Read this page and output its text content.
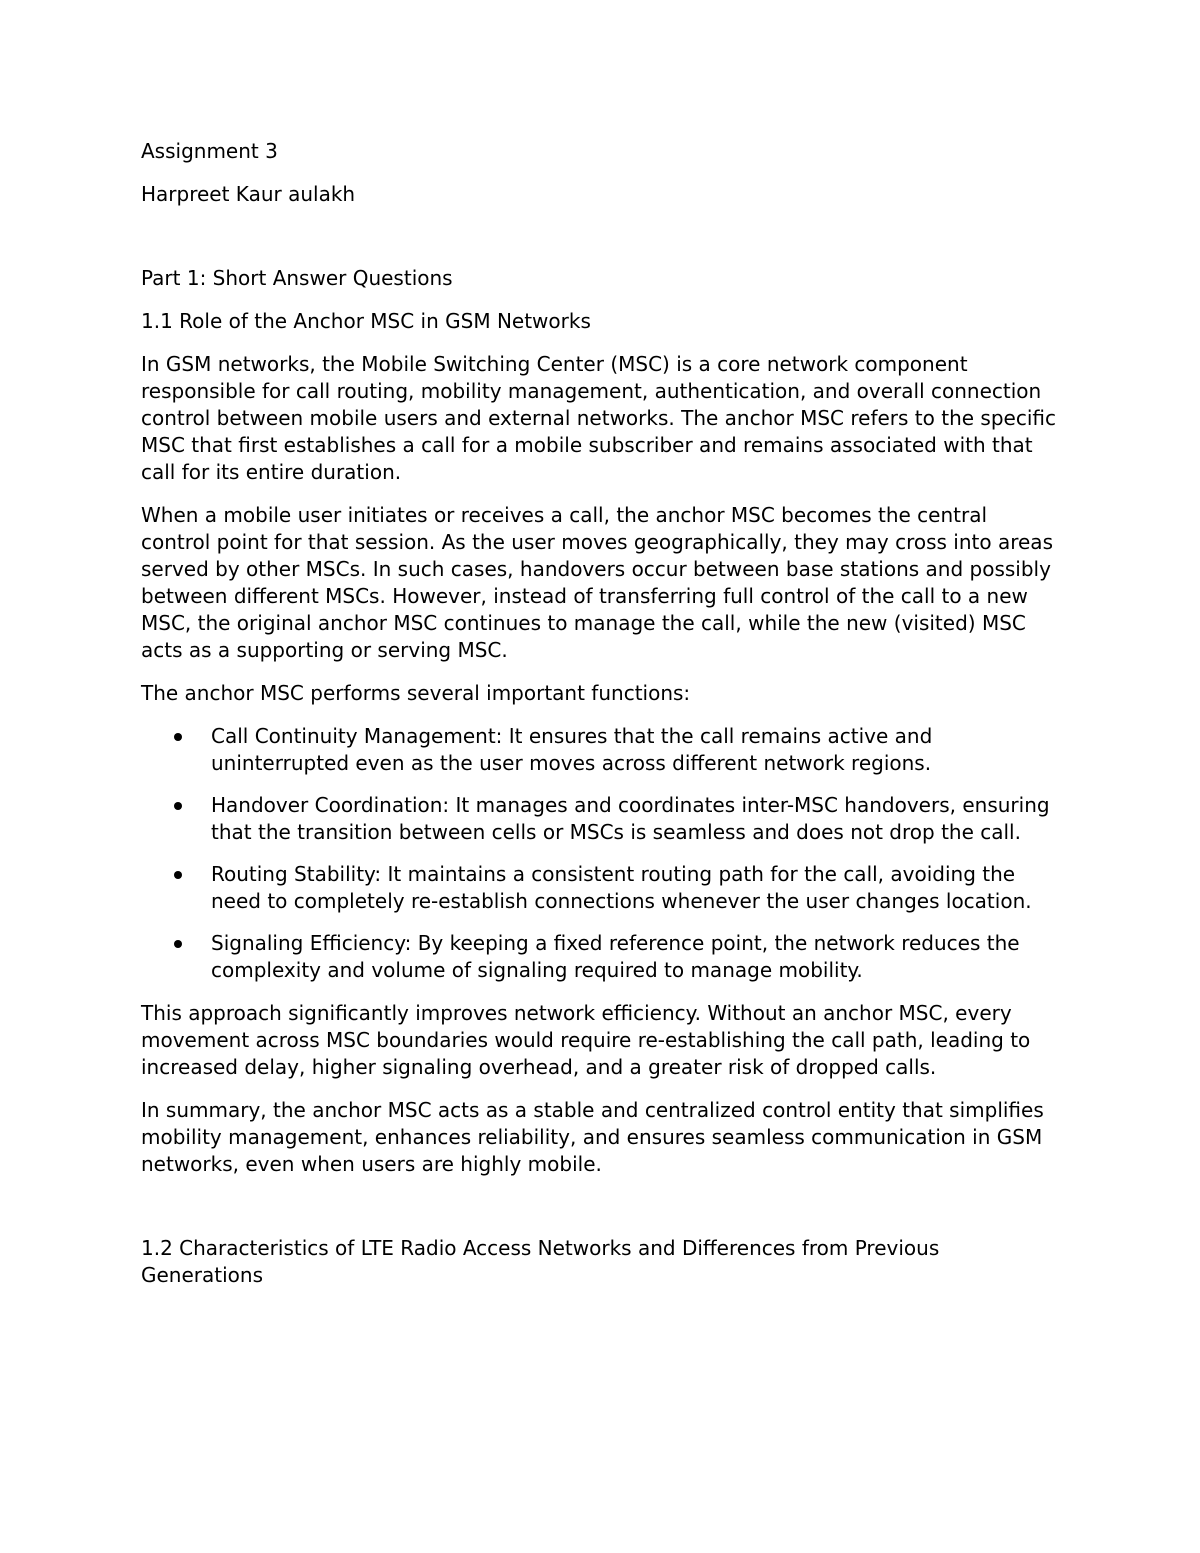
Assignment 3

Harpreet Kaur aulakh

Part 1: Short Answer Questions

1.1 Role of the Anchor MSC in GSM Networks

In GSM networks, the Mobile Switching Center (MSC) is a core network component responsible for call routing, mobility management, authentication, and overall connection control between mobile users and external networks. The anchor MSC refers to the specific MSC that first establishes a call for a mobile subscriber and remains associated with that call for its entire duration.

When a mobile user initiates or receives a call, the anchor MSC becomes the central control point for that session. As the user moves geographically, they may cross into areas served by other MSCs. In such cases, handovers occur between base stations and possibly between different MSCs. However, instead of transferring full control of the call to a new MSC, the original anchor MSC continues to manage the call, while the new (visited) MSC acts as a supporting or serving MSC.

The anchor MSC performs several important functions:

Call Continuity Management: It ensures that the call remains active and uninterrupted even as the user moves across different network regions.
Handover Coordination: It manages and coordinates inter-MSC handovers, ensuring that the transition between cells or MSCs is seamless and does not drop the call.
Routing Stability: It maintains a consistent routing path for the call, avoiding the need to completely re-establish connections whenever the user changes location.
Signaling Efficiency: By keeping a fixed reference point, the network reduces the complexity and volume of signaling required to manage mobility.

This approach significantly improves network efficiency. Without an anchor MSC, every movement across MSC boundaries would require re-establishing the call path, leading to increased delay, higher signaling overhead, and a greater risk of dropped calls.

In summary, the anchor MSC acts as a stable and centralized control entity that simplifies mobility management, enhances reliability, and ensures seamless communication in GSM networks, even when users are highly mobile.

1.2 Characteristics of LTE Radio Access Networks and Differences from Previous Generations
